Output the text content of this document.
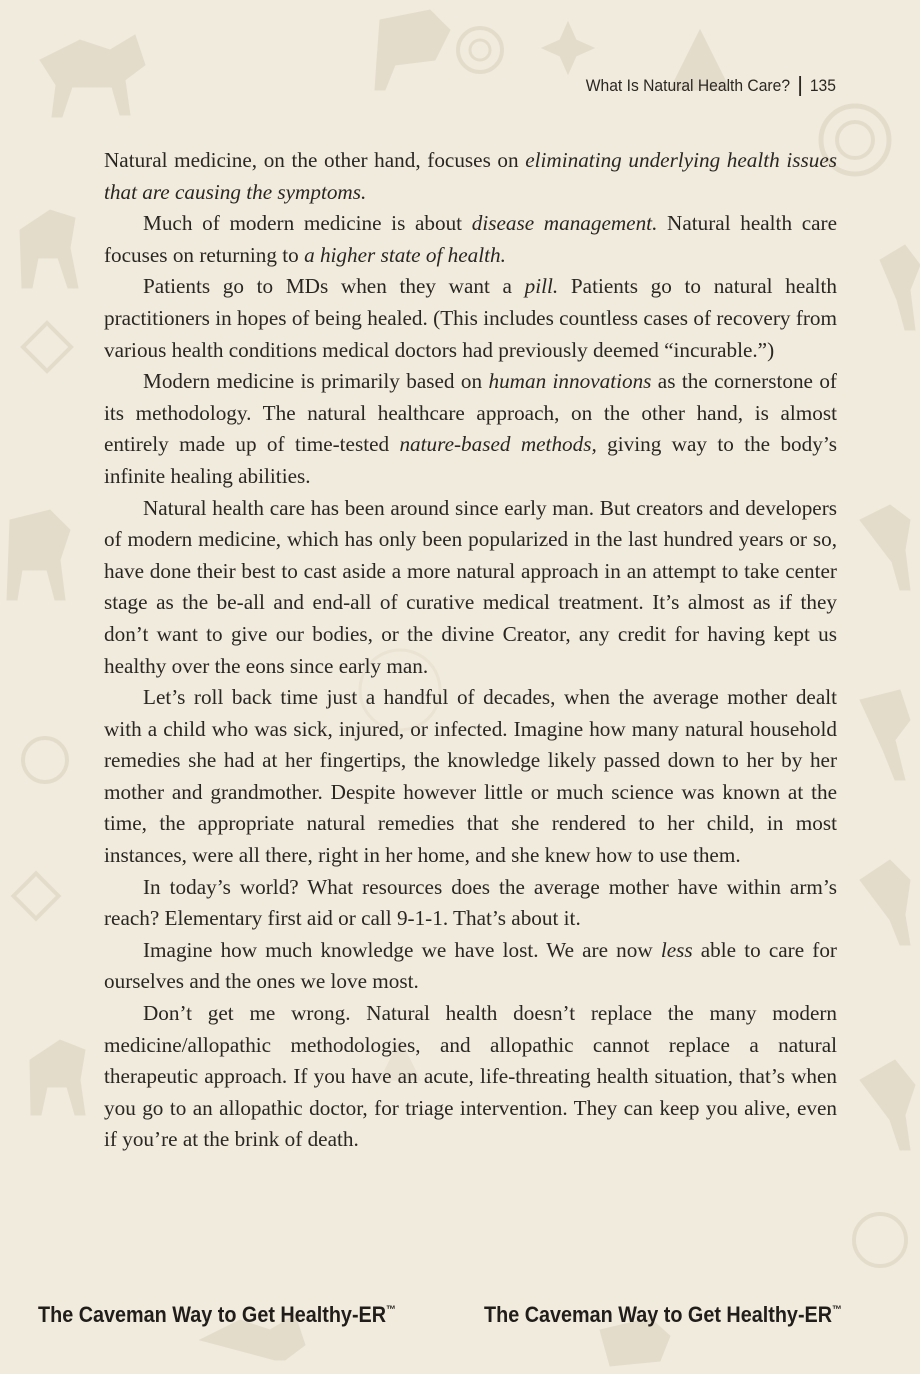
What Is Natural Health Care? 135

Natural medicine, on the other hand, focuses on eliminating underlying health issues that are causing the symptoms.

Much of modern medicine is about disease management. Natural health care focuses on returning to a higher state of health.

Patients go to MDs when they want a pill. Patients go to natural health practitioners in hopes of being healed. (This includes countless cases of recovery from various health conditions medical doctors had previously deemed “incurable.”)

Modern medicine is primarily based on human innovations as the cornerstone of its methodology. The natural healthcare approach, on the other hand, is almost entirely made up of time-tested nature-based methods, giving way to the body’s infinite healing abilities.

Natural health care has been around since early man. But creators and developers of modern medicine, which has only been popularized in the last hundred years or so, have done their best to cast aside a more natural approach in an attempt to take center stage as the be-all and end-all of curative medical treatment. It’s almost as if they don’t want to give our bodies, or the divine Creator, any credit for having kept us healthy over the eons since early man.

Let’s roll back time just a handful of decades, when the average mother dealt with a child who was sick, injured, or infected. Imagine how many natural household remedies she had at her fingertips, the knowledge likely passed down to her by her mother and grandmother. Despite however little or much science was known at the time, the appropriate natural remedies that she rendered to her child, in most instances, were all there, right in her home, and she knew how to use them.

In today’s world? What resources does the average mother have within arm’s reach? Elementary first aid or call 9-1-1. That’s about it.

Imagine how much knowledge we have lost. We are now less able to care for ourselves and the ones we love most.

Don’t get me wrong. Natural health doesn’t replace the many modern medicine/allopathic methodologies, and allopathic cannot replace a natural therapeutic approach. If you have an acute, life-threating health situation, that’s when you go to an allopathic doctor, for triage intervention. They can keep you alive, even if you’re at the brink of death.

The Caveman Way to Get Healthy-ER™	The Caveman Way to Get Healthy-ER™
